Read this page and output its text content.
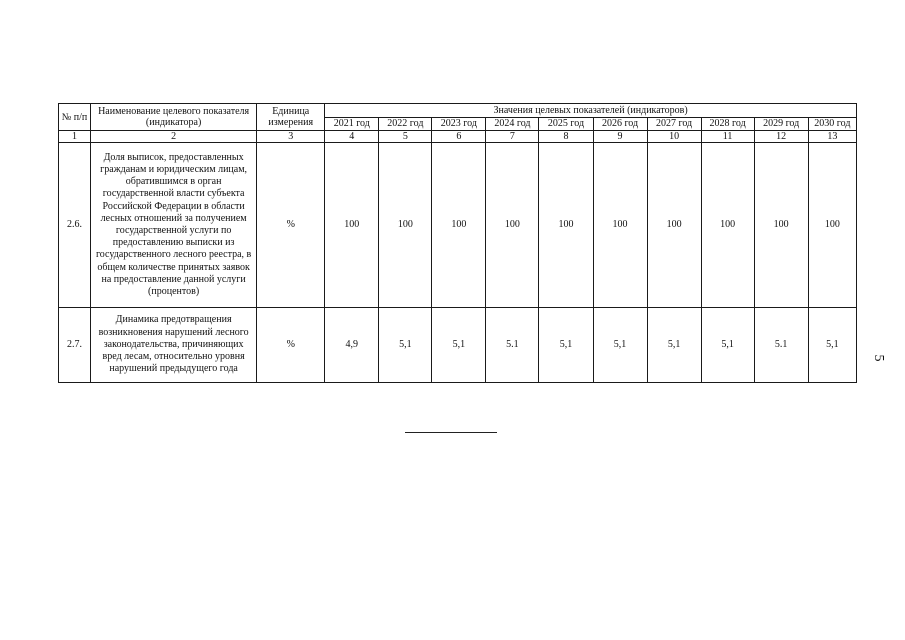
№ п/п	Наименование целевого показателя (индикатора)	Единица измерения	Значения целевых показателей (индикаторов)									
			2021 год	2022 год	2023 год	2024 год	2025 год	2026 год	2027 год	2028 год	2029 год	2030 год
1	2	3	4	5	6	7	8	9	10	11	12	13
2.6.	Доля выписок, предоставленных гражданам и юридическим лицам, обратившимся в орган государственной власти субъекта Российской Федерации в области лесных отношений за получением государственной услуги по предоставлению выписки из государственного лесного реестра, в общем количестве принятых заявок на предоставление данной услуги (процентов)	%	100	100	100	100	100	100	100	100	100	100
2.7.	Динамика предотвращения возникновения нарушений лесного законодательства, причиняющих вред лесам, относительно уровня нарушений предыдущего года	%	4,9	5,1	5,1	5.1	5,1	5,1	5,1	5,1	5.1	5,1
5
